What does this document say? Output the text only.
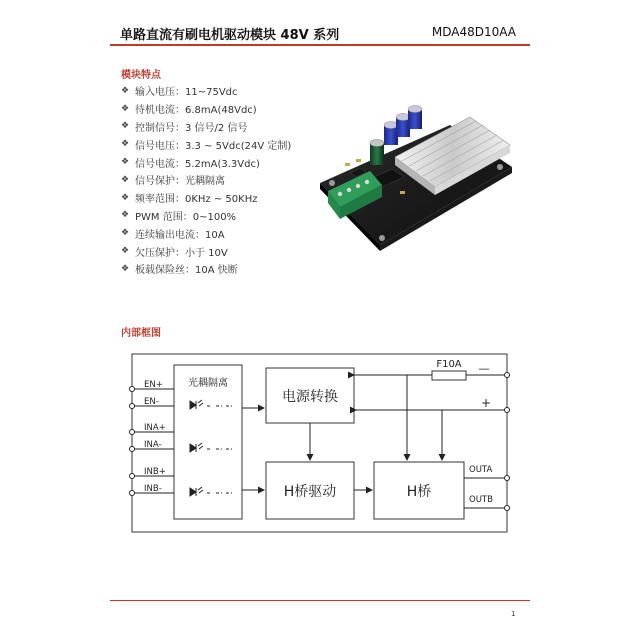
单路直流有刷电机驱动模块 48V 系列	MDA48D10AA
模块特点
❖ 输入电压：11~75Vdc
❖ 待机电流：6.8mA(48Vdc)
❖ 控制信号：3 信号/2 信号
❖ 信号电压：3.3 ~ 5Vdc(24V 定制)
❖ 信号电流：5.2mA(3.3Vdc)
❖ 信号保护：光耦隔离
❖ 频率范围：0KHz ~ 50KHz
❖ PWM 范围：0~100%
❖ 连续输出电流：10A
❖ 欠压保护：小于 10V
❖ 板载保险丝：10A 快断
内部框图
光耦隔离
EN+
EN-
INA+
INA-
INB+
INB-
电源转换
H桥驱动	H桥
F10A —
+
OUTA
OUTB
1
